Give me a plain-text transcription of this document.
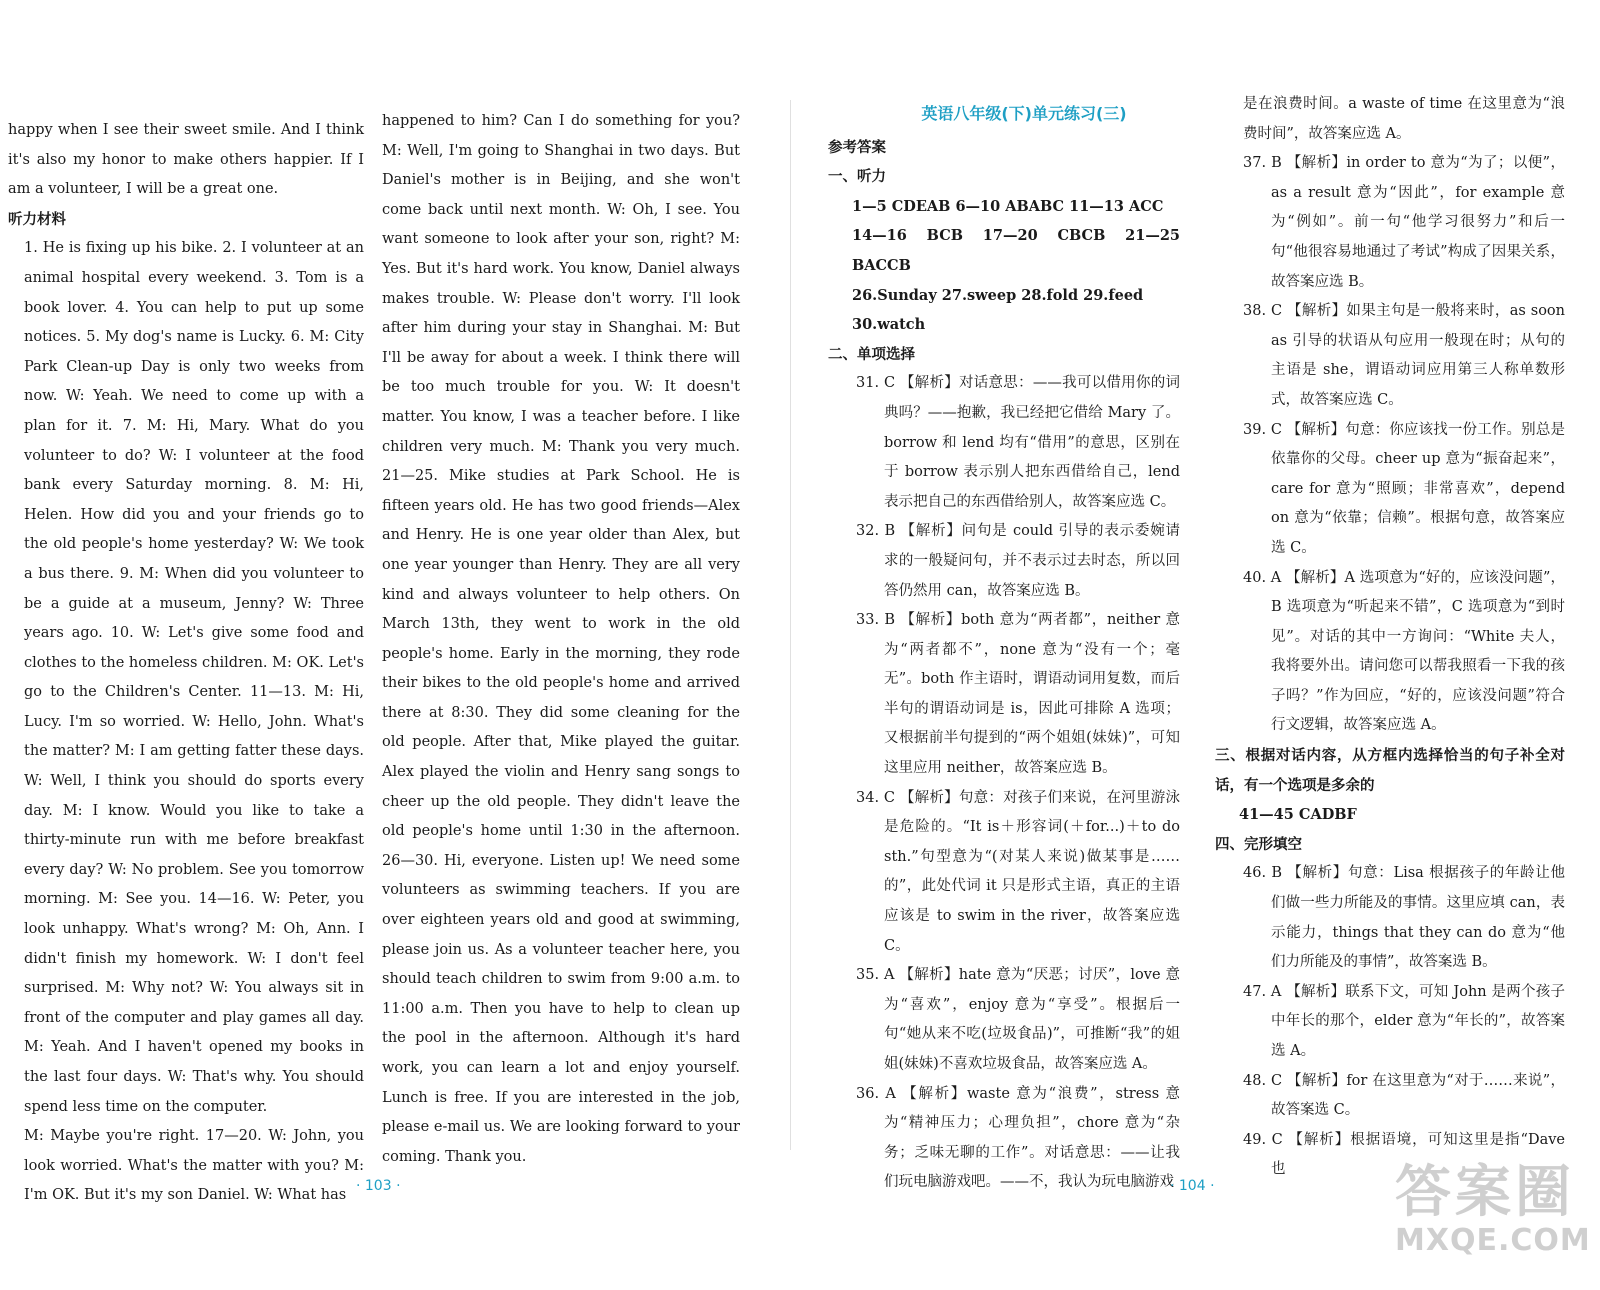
happy when I see their sweet smile. And I think it's also my honor to make others happier. If I am a volunteer, I will be a great one.

听力材料

1. He is fixing up his bike. 2. I volunteer at an animal hospital every weekend. 3. Tom is a book lover. 4. You can help to put up some notices. 5. My dog's name is Lucky. 6. M: City Park Clean-up Day is only two weeks from now. W: Yeah. We need to come up with a plan for it. 7. M: Hi, Mary. What do you volunteer to do? W: I volunteer at the food bank every Saturday morning. 8. M: Hi, Helen. How did you and your friends go to the old people's home yesterday? W: We took a bus there. 9. M: When did you volunteer to be a guide at a museum, Jenny? W: Three years ago. 10. W: Let's give some food and clothes to the homeless children. M: OK. Let's go to the Children's Center. 11—13. M: Hi, Lucy. I'm so worried. W: Hello, John. What's the matter? M: I am getting fatter these days. W: Well, I think you should do sports every day. M: I know. Would you like to take a thirty-minute run with me before breakfast every day? W: No problem. See you tomorrow morning. M: See you. 14—16. W: Peter, you look unhappy. What's wrong? M: Oh, Ann. I didn't finish my homework. W: I don't feel surprised. M: Why not? W: You always sit in front of the computer and play games all day. M: Yeah. And I haven't opened my books in the last four days. W: That's why. You should spend less time on the computer.

M: Maybe you're right. 17—20. W: John, you look worried. What's the matter with you? M: I'm OK. But it's my son Daniel. W: What has

happened to him? Can I do something for you? M: Well, I'm going to Shanghai in two days. But Daniel's mother is in Beijing, and she won't come back until next month. W: Oh, I see. You want someone to look after your son, right? M: Yes. But it's hard work. You know, Daniel always makes trouble. W: Please don't worry. I'll look after him during your stay in Shanghai. M: But I'll be away for about a week. I think there will be too much trouble for you. W: It doesn't matter. You know, I was a teacher before. I like children very much. M: Thank you very much. 21—25. Mike studies at Park School. He is fifteen years old. He has two good friends—Alex and Henry. He is one year older than Alex, but one year younger than Henry. They are all very kind and always volunteer to help others. On March 13th, they went to work in the old people's home. Early in the morning, they rode their bikes to the old people's home and arrived there at 8:30. They did some cleaning for the old people. After that, Mike played the guitar. Alex played the violin and Henry sang songs to cheer up the old people. They didn't leave the old people's home until 1:30 in the afternoon. 26—30. Hi, everyone. Listen up! We need some volunteers as swimming teachers. If you are over eighteen years old and good at swimming, please join us. As a volunteer teacher here, you should teach children to swim from 9:00 a.m. to 11:00 a.m. Then you have to help to clean up the pool in the afternoon. Although it's hard work, you can learn a lot and enjoy yourself. Lunch is free. If you are interested in the job, please e-mail us. We are looking forward to your coming. Thank you.

· 103 ·
英语八年级(下)单元练习(三)

参考答案

一、听力

1—5 CDEAB 6—10 ABABC 11—13 ACC

14—16 BCB 17—20 CBCB 21—25 BACCB

26.Sunday 27.sweep 28.fold 29.feed

30.watch

二、单项选择

31. C 【解析】对话意思：——我可以借用你的词典吗？——抱歉，我已经把它借给 Mary 了。borrow 和 lend 均有“借用”的意思，区别在于 borrow 表示别人把东西借给自己，lend 表示把自己的东西借给别人，故答案应选 C。

32. B 【解析】问句是 could 引导的表示委婉请求的一般疑问句，并不表示过去时态，所以回答仍然用 can，故答案应选 B。

33. B 【解析】both 意为“两者都”，neither 意为“两者都不”，none 意为“没有一个；毫无”。both 作主语时，谓语动词用复数，而后半句的谓语动词是 is，因此可排除 A 选项；又根据前半句提到的“两个姐姐(妹妹)”，可知这里应用 neither，故答案应选 B。

34. C 【解析】句意：对孩子们来说，在河里游泳是危险的。“It is＋形容词(＋for...)＋to do sth.”句型意为“(对某人来说)做某事是……的”，此处代词 it 只是形式主语，真正的主语应该是 to swim in the river，故答案应选 C。

35. A 【解析】hate 意为“厌恶；讨厌”，love 意为“喜欢”，enjoy 意为“享受”。根据后一句“她从来不吃(垃圾食品)”，可推断“我”的姐姐(妹妹)不喜欢垃圾食品，故答案应选 A。

36. A 【解析】waste 意为“浪费”，stress 意为“精神压力；心理负担”，chore 意为“杂务；乏味无聊的工作”。对话意思：——让我们玩电脑游戏吧。——不，我认为玩电脑游戏

是在浪费时间。a waste of time 在这里意为“浪费时间”，故答案应选 A。

37. B 【解析】in order to 意为“为了；以便”，as a result 意为“因此”，for example 意为“例如”。前一句“他学习很努力”和后一句“他很容易地通过了考试”构成了因果关系，故答案应选 B。

38. C 【解析】如果主句是一般将来时，as soon as 引导的状语从句应用一般现在时；从句的主语是 she，谓语动词应用第三人称单数形式，故答案应选 C。

39. C 【解析】句意：你应该找一份工作。别总是依靠你的父母。cheer up 意为“振奋起来”，care for 意为“照顾；非常喜欢”，depend on 意为“依靠；信赖”。根据句意，故答案应选 C。

40. A 【解析】A 选项意为“好的，应该没问题”，B 选项意为“听起来不错”，C 选项意为“到时见”。对话的其中一方询问：“White 夫人，我将要外出。请问您可以帮我照看一下我的孩子吗？”作为回应，“好的，应该没问题”符合行文逻辑，故答案应选 A。

三、根据对话内容，从方框内选择恰当的句子补全对话，有一个选项是多余的

41—45 CADBF

四、完形填空

46. B 【解析】句意：Lisa 根据孩子的年龄让他们做一些力所能及的事情。这里应填 can，表示能力，things that they can do 意为“他们力所能及的事情”，故答案选 B。

47. A 【解析】联系下文，可知 John 是两个孩子中年长的那个，elder 意为“年长的”，故答案选 A。

48. C 【解析】for 在这里意为“对于……来说”，故答案选 C。

49. C 【解析】根据语境，可知这里是指“Dave 也

· 104 ·	答案圈
MXQE.COM
